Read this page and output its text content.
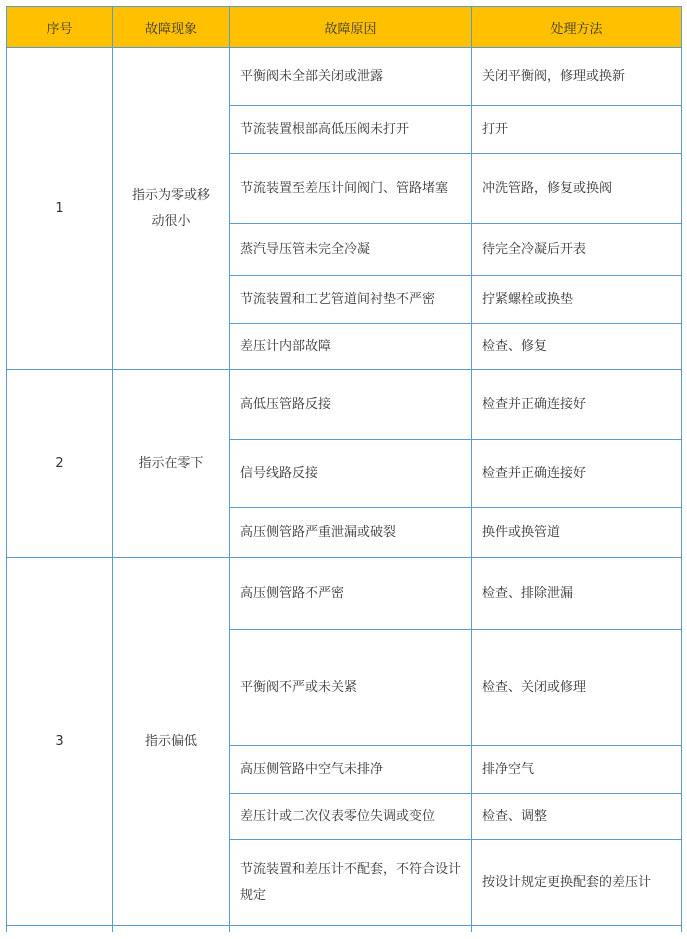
序号	故障现象	故障原因	处理方法
1	指示为零或移动很小	平衡阀未全部关闭或泄露	关闭平衡阀，修理或换新
		节流装置根部高低压阀未打开	打开
		节流装置至差压计间阀门、管路堵塞	冲洗管路，修复或换阀
		蒸汽导压管未完全冷凝	待完全冷凝后开表
		节流装置和工艺管道间衬垫不严密	拧紧螺栓或换垫
		差压计内部故障	检查、修复
2	指示在零下	高低压管路反接	检查并正确连接好
		信号线路反接	检查并正确连接好
		高压侧管路严重泄漏或破裂	换件或换管道
3	指示偏低	高压侧管路不严密	检查、排除泄漏
		平衡阀不严或未关紧	检查、关闭或修理
		高压侧管路中空气未排净	排净空气
		差压计或二次仪表零位失调或变位	检查、调整
		节流装置和差压计不配套，不符合设计规定	按设计规定更换配套的差压计
